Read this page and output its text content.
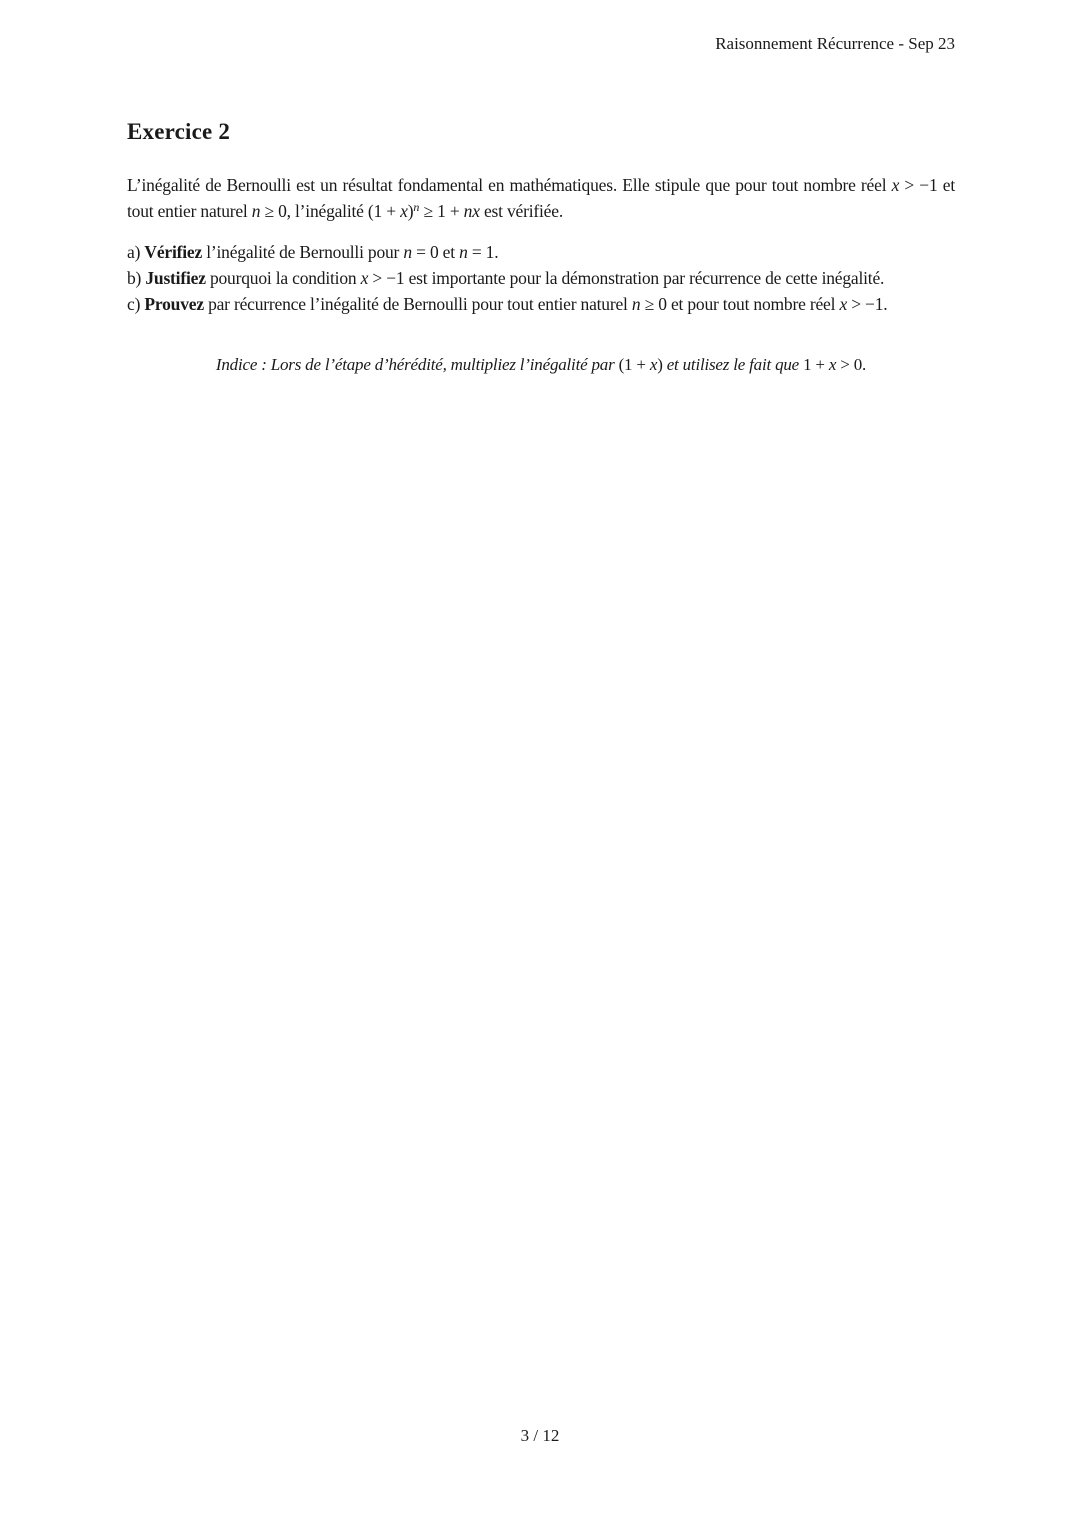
Raisonnement Récurrence - Sep 23
Exercice 2

L’inégalité de Bernoulli est un résultat fondamental en mathématiques. Elle stipule que pour tout nombre réel x > −1 et tout entier naturel n ≥ 0, l’inégalité $(1 + x)^n \ge 1$ + nx est vérifiée.

a) Vérifiez l’inégalité de Bernoulli pour n = 0 et n = 1.

b) Justifiez pourquoi la condition x > −1 est importante pour la démonstration par récurrence de cette inégalité.

c) Prouvez par récurrence l’inégalité de Bernoulli pour tout entier naturel n ≥ 0 et pour tout nombre réel x > −1.

Indice : Lors de l’étape d’hérédité, multipliez l’inégalité par (1 + x) et utilisez le fait que 1 + x > 0.

3 / 12
